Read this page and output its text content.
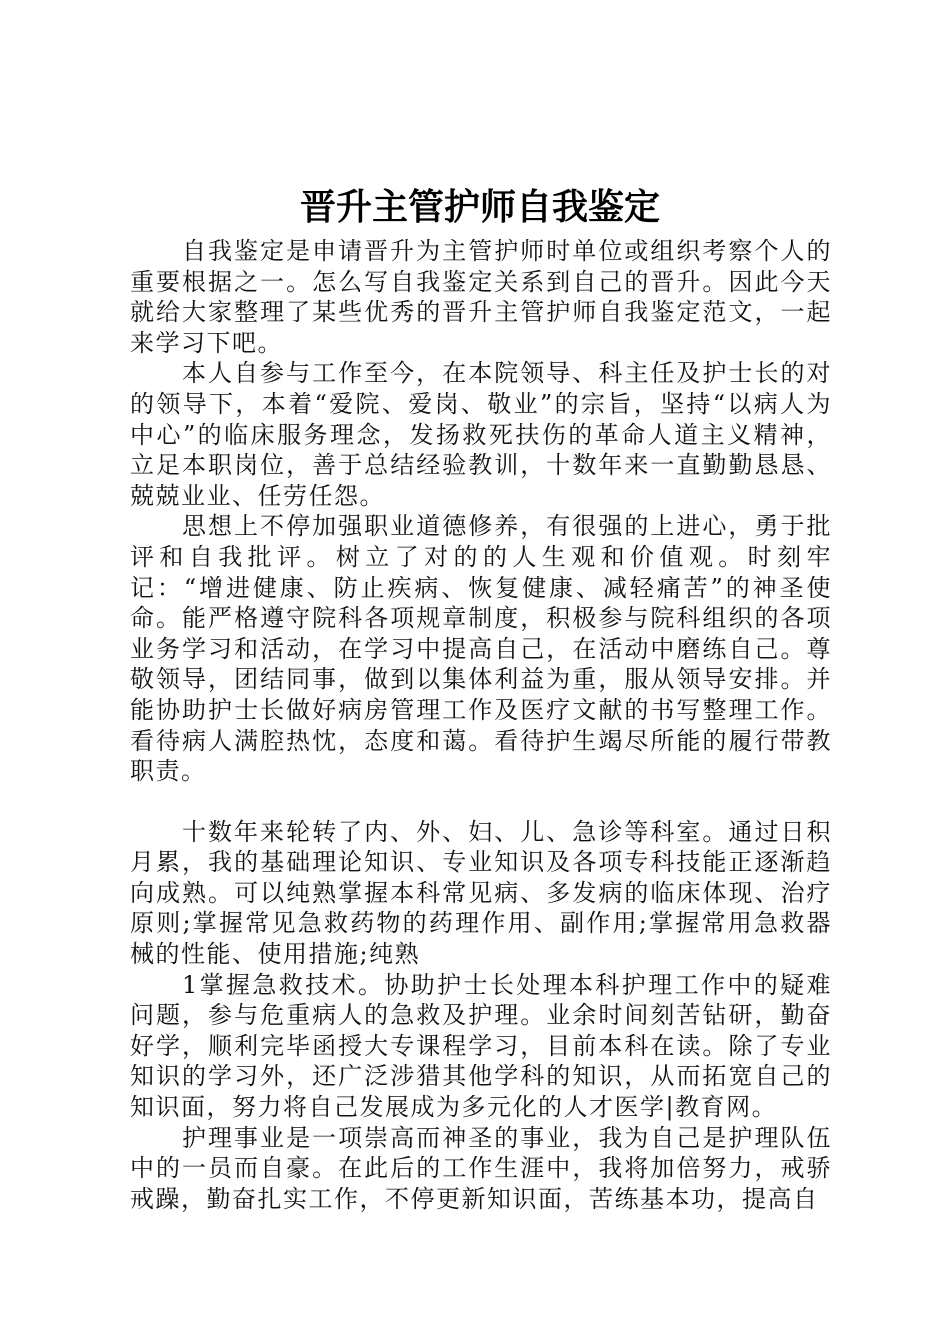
晋升主管护师自我鉴定

自我鉴定是申请晋升为主管护师时单位或组织考察个人的重要根据之一。怎么写自我鉴定关系到自己的晋升。因此今天就给大家整理了某些优秀的晋升主管护师自我鉴定范文，一起来学习下吧。

本人自参与工作至今，在本院领导、科主任及护士长的对的领导下，本着“爱院、爱岗、敬业”的宗旨，坚持“以病人为中心”的临床服务理念，发扬救死扶伤的革命人道主义精神，立足本职岗位，善于总结经验教训，十数年来一直勤勤恳恳、兢兢业业、任劳任怨。

思想上不停加强职业道德修养，有很强的上进心，勇于批评和自我批评。树立了对的的人生观和价值观。时刻牢记：“增进健康、防止疾病、恢复健康、减轻痛苦”的神圣使命。能严格遵守院科各项规章制度，积极参与院科组织的各项业务学习和活动，在学习中提高自己，在活动中磨练自己。尊敬领导，团结同事，做到以集体利益为重，服从领导安排。并能协助护士长做好病房管理工作及医疗文献的书写整理工作。看待病人满腔热忱，态度和蔼。看待护生竭尽所能的履行带教职责。

十数年来轮转了内、外、妇、儿、急诊等科室。通过日积月累，我的基础理论知识、专业知识及各项专科技能正逐渐趋向成熟。可以纯熟掌握本科常见病、多发病的临床体现、治疗原则;掌握常见急救药物的药理作用、副作用;掌握常用急救器械的性能、使用措施;纯熟

1掌握急救技术。协助护士长处理本科护理工作中的疑难问题，参与危重病人的急救及护理。业余时间刻苦钻研，勤奋好学，顺利完毕函授大专课程学习，目前本科在读。除了专业知识的学习外，还广泛涉猎其他学科的知识，从而拓宽自己的知识面，努力将自己发展成为多元化的人才医学|教育网。

护理事业是一项崇高而神圣的事业，我为自己是护理队伍中的一员而自豪。在此后的工作生涯中，我将加倍努力，戒骄戒躁，勤奋扎实工作，不停更新知识面，苦练基本功，提高自
